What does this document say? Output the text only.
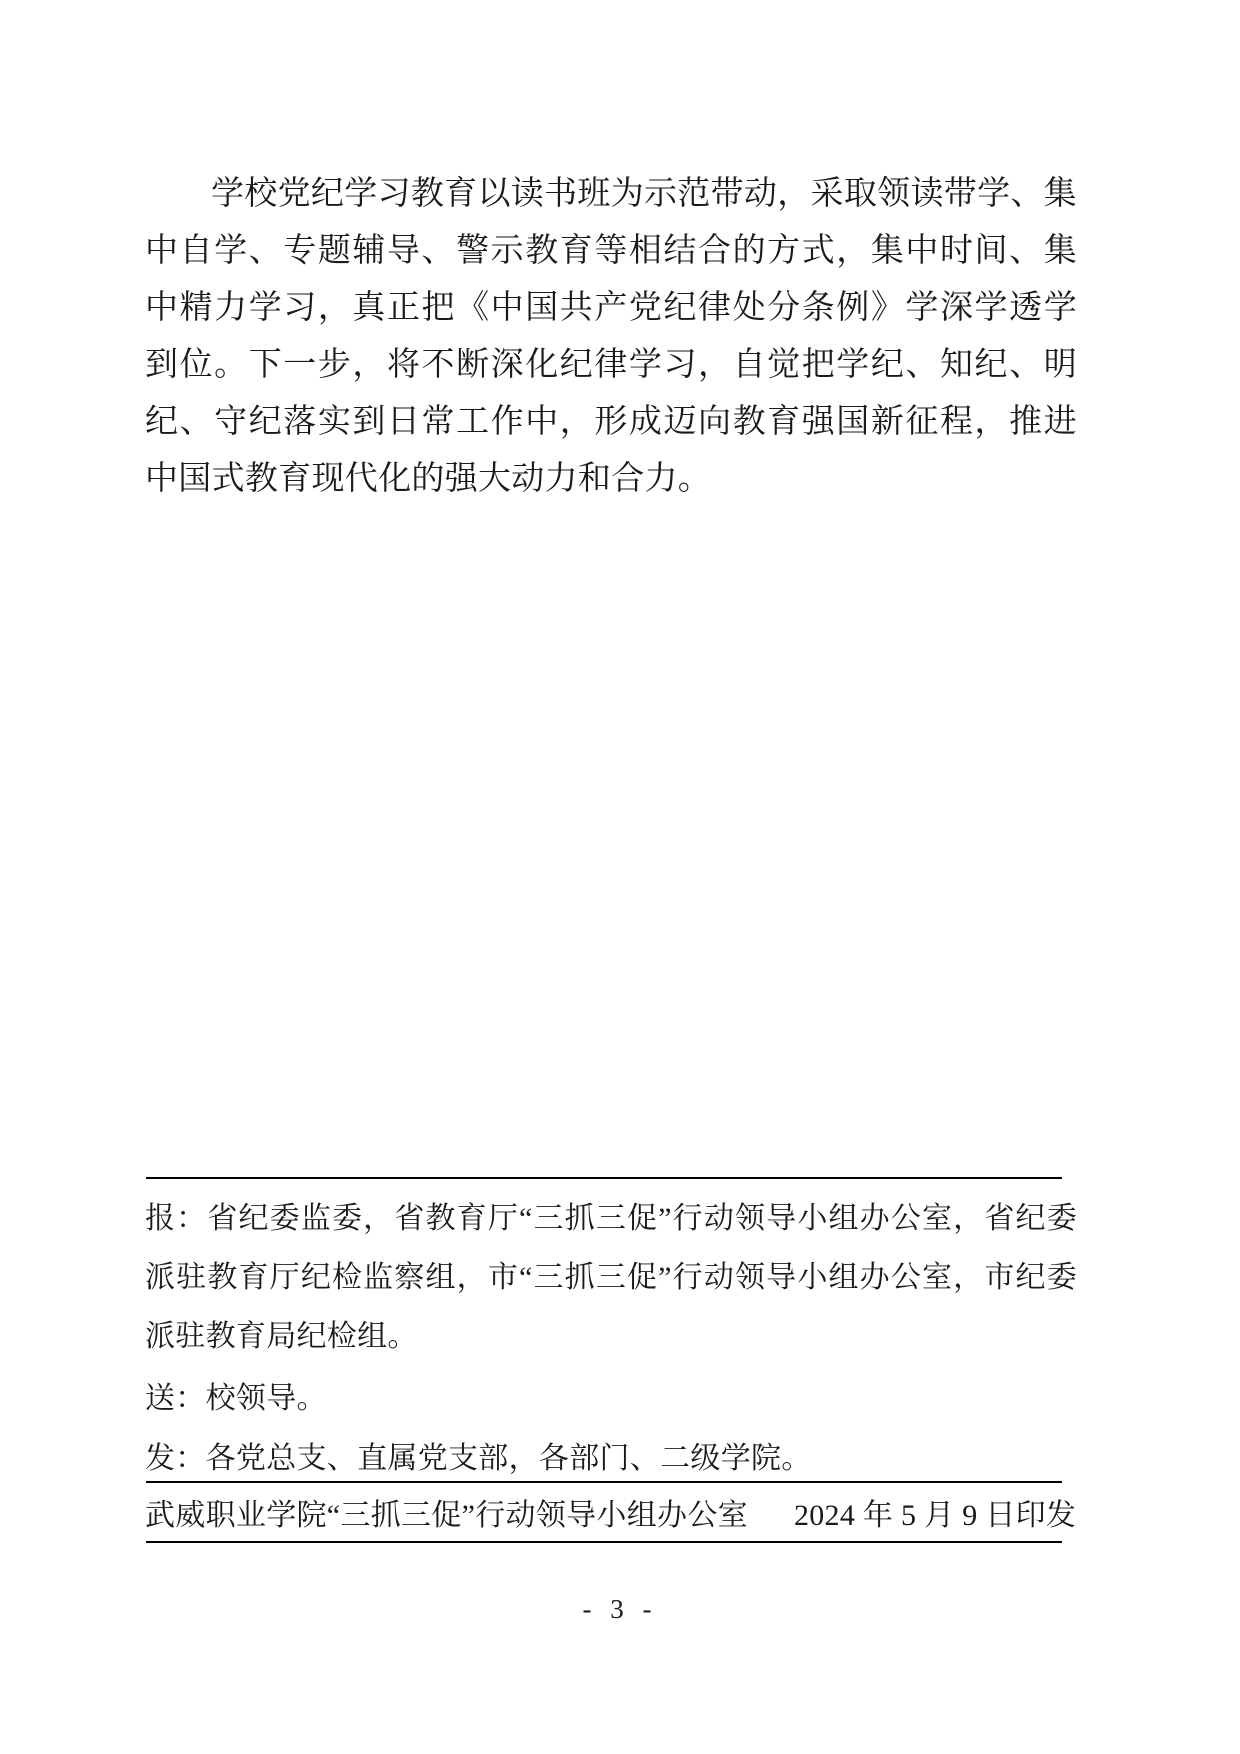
学校党纪学习教育以读书班为示范带动，采取领读带学、集中自学、专题辅导、警示教育等相结合的方式，集中时间、集中精力学习，真正把《中国共产党纪律处分条例》学深学透学到位。下一步，将不断深化纪律学习，自觉把学纪、知纪、明纪、守纪落实到日常工作中，形成迈向教育强国新征程，推进中国式教育现代化的强大动力和合力。

报：省纪委监委，省教育厅“三抓三促”行动领导小组办公室，省纪委派驻教育厅纪检监察组，市“三抓三促”行动领导小组办公室，市纪委派驻教育局纪检组。

送：校领导。

发：各党总支、直属党支部，各部门、二级学院。

武威职业学院“三抓三促”行动领导小组办公室 2024 年 5 月 9 日印发
- 3 -
